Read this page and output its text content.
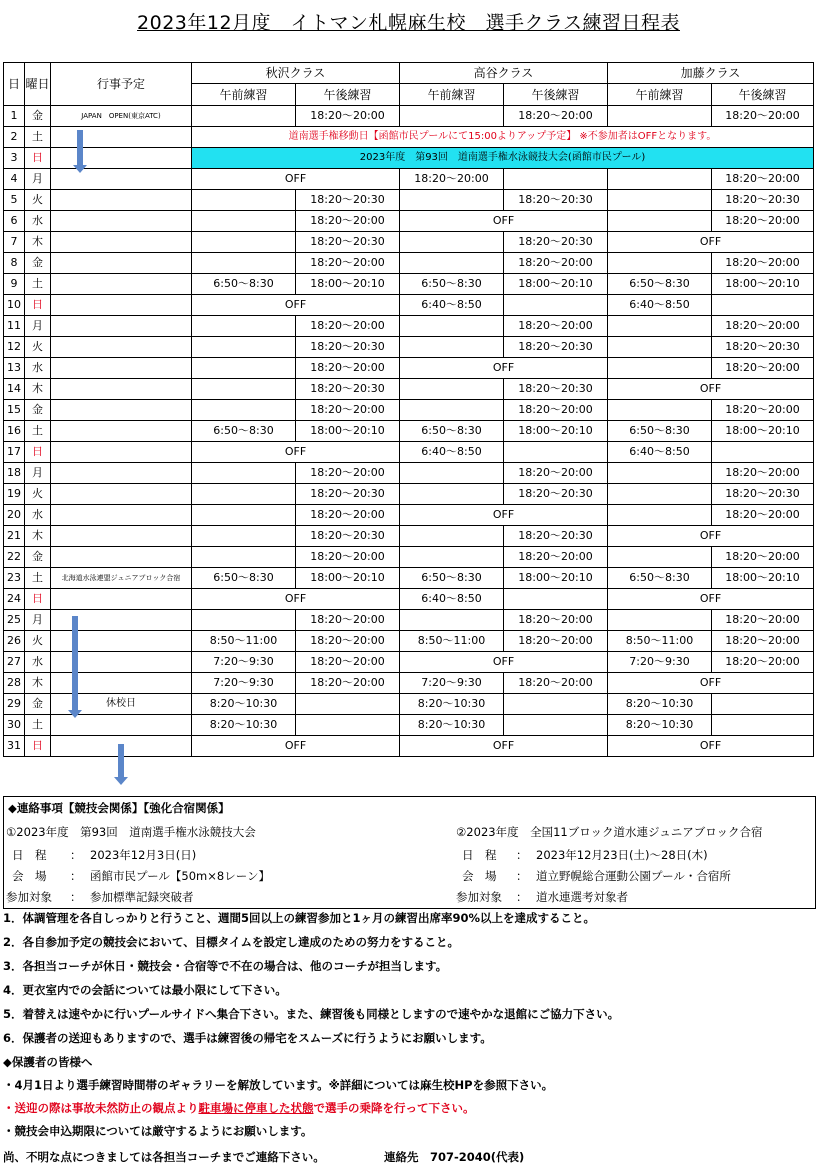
2023年12月度　イトマン札幌麻生校　選手クラス練習日程表
日	曜日	行事予定	秋沢クラス		高谷クラス		加藤クラス	
			午前練習	午後練習	午前練習	午後練習	午前練習	午後練習
1	金	JAPAN　OPEN(東京ATC)		18:20～20:00		18:20～20:00		18:20～20:00
2	土		道南選手権移動日【函館市民プールにて15:00よりアップ予定】 ※不参加者はOFFとなります。					
3	日		2023年度　第93回　道南選手権水泳競技大会(函館市民プール)					
4	月		OFF		18:20～20:00			18:20～20:00
5	火			18:20～20:30		18:20～20:30		18:20～20:30
6	水			18:20～20:00	OFF			18:20～20:00
7	木			18:20～20:30		18:20～20:30	OFF	
8	金			18:20～20:00		18:20～20:00		18:20～20:00
9	土		6:50～8:30	18:00～20:10	6:50～8:30	18:00～20:10	6:50～8:30	18:00～20:10
10	日		OFF		6:40～8:50		6:40～8:50	
11	月			18:20～20:00		18:20～20:00		18:20～20:00
12	火			18:20～20:30		18:20～20:30		18:20～20:30
13	水			18:20～20:00	OFF			18:20～20:00
14	木			18:20～20:30		18:20～20:30	OFF	
15	金			18:20～20:00		18:20～20:00		18:20～20:00
16	土		6:50～8:30	18:00～20:10	6:50～8:30	18:00～20:10	6:50～8:30	18:00～20:10
17	日		OFF		6:40～8:50		6:40～8:50	
18	月			18:20～20:00		18:20～20:00		18:20～20:00
19	火			18:20～20:30		18:20～20:30		18:20～20:30
20	水			18:20～20:00	OFF			18:20～20:00
21	木			18:20～20:30		18:20～20:30	OFF	
22	金			18:20～20:00		18:20～20:00		18:20～20:00
23	土	北海道水泳連盟ジュニアブロック合宿	6:50～8:30	18:00～20:10	6:50～8:30	18:00～20:10	6:50～8:30	18:00～20:10
24	日		OFF		6:40～8:50		OFF	
25	月			18:20～20:00		18:20～20:00		18:20～20:00
26	火		8:50～11:00	18:20～20:00	8:50～11:00	18:20～20:00	8:50～11:00	18:20～20:00
27	水		7:20～9:30	18:20～20:00	OFF		7:20～9:30	18:20～20:00
28	木		7:20～9:30	18:20～20:00	7:20～9:30	18:20～20:00	OFF	
29	金	休校日	8:20～10:30		8:20～10:30		8:20～10:30	
30	土		8:20～10:30		8:20～10:30		8:20～10:30	
31	日		OFF		OFF		OFF	
◆連絡事項【競技会関係】【強化合宿関係】
①2023年度　第93回　道南選手権水泳競技大会	②2023年度　全国11ブロック道水連ジュニアブロック合宿
日　程 ： 2023年12月3日(日)	日　程 ： 2023年12月23日(土)～28日(木)
会　場 ： 函館市民プール【50m×8レーン】	会　場 ： 道立野幌総合運動公園プール・合宿所
参加対象 ： 参加標準記録突破者	参加対象 ： 道水連選考対象者
1．体調管理を各自しっかりと行うこと、週間5回以上の練習参加と1ヶ月の練習出席率90%以上を達成すること。
2．各自参加予定の競技会において、目標タイムを設定し達成のための努力をすること。
3．各担当コーチが休日・競技会・合宿等で不在の場合は、他のコーチが担当します。
4．更衣室内での会話については最小限にして下さい。
5．着替えは速やかに行いプールサイドへ集合下さい。また、練習後も同様としますので速やかな退館にご協力下さい。
6．保護者の送迎もありますので、選手は練習後の帰宅をスムーズに行うようにお願いします。
◆保護者の皆様へ
・4月1日より選手練習時間帯のギャラリーを解放しています。※詳細については麻生校HPを参照下さい。
・送迎の際は事故未然防止の観点より駐車場に停車した状態で選手の乗降を行って下さい。
・競技会申込期限については厳守するようにお願いします。
尚、不明な点につきましては各担当コーチまでご連絡下さい。	連絡先　707-2040(代表)
